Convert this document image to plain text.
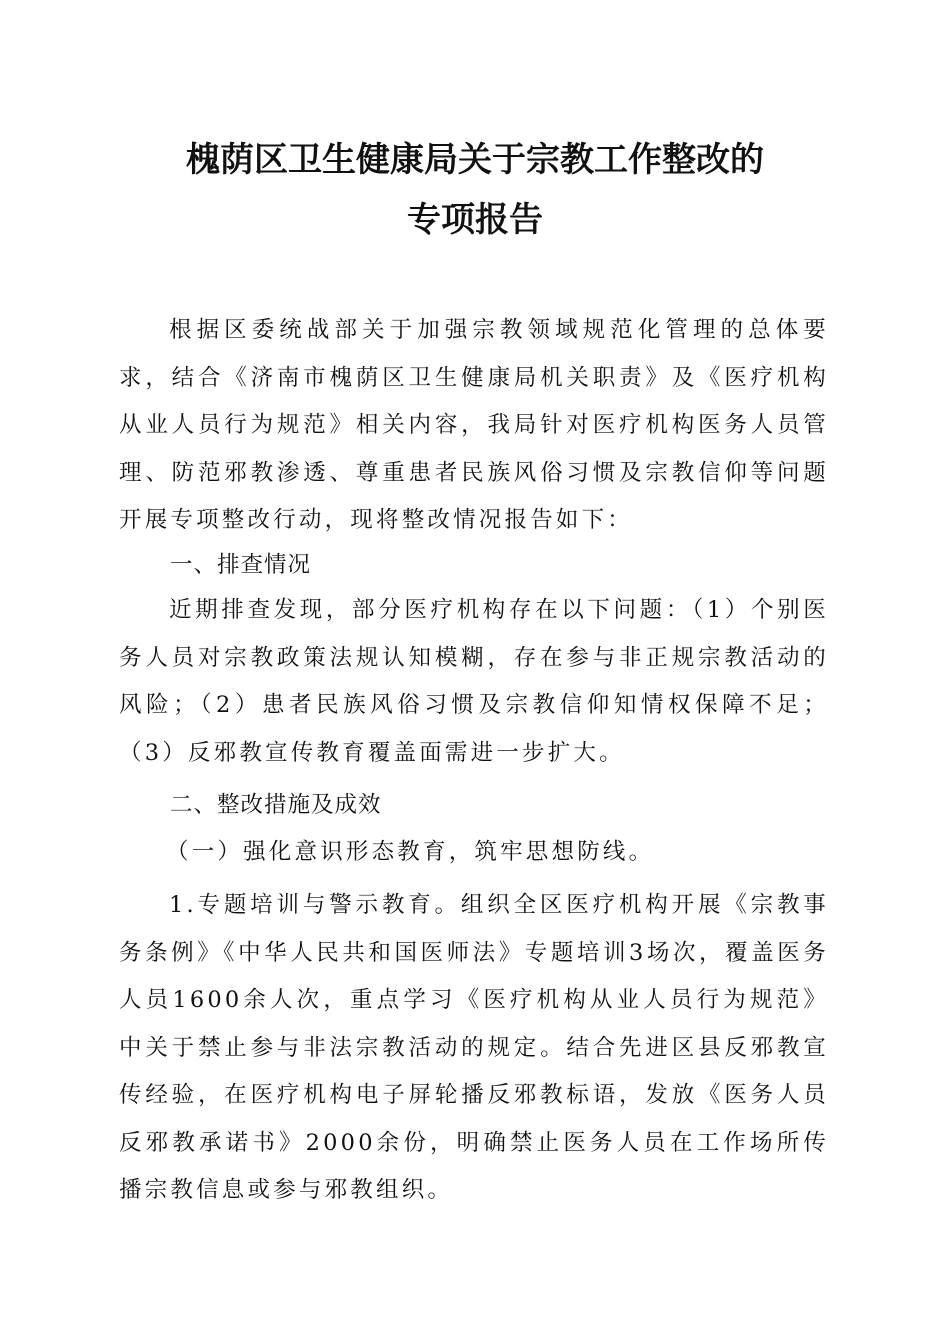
槐荫区卫生健康局关于宗教工作整改的
专项报告
根据区委统战部关于加强宗教领域规范化管理的总体要求，结合《济南市槐荫区卫生健康局机关职责》及《医疗机构从业人员行为规范》相关内容，我局针对医疗机构医务人员管理、防范邪教渗透、尊重患者民族风俗习惯及宗教信仰等问题开展专项整改行动，现将整改情况报告如下：
一、排查情况
近期排查发现，部分医疗机构存在以下问题：（1）个别医务人员对宗教政策法规认知模糊，存在参与非正规宗教活动的风险；（2）患者民族风俗习惯及宗教信仰知情权保障不足；（3）反邪教宣传教育覆盖面需进一步扩大。
二、整改措施及成效
（一）强化意识形态教育，筑牢思想防线。
1.专题培训与警示教育。组织全区医疗机构开展《宗教事务条例》《中华人民共和国医师法》专题培训3场次，覆盖医务人员1600余人次，重点学习《医疗机构从业人员行为规范》中关于禁止参与非法宗教活动的规定。结合先进区县反邪教宣传经验，在医疗机构电子屏轮播反邪教标语，发放《医务人员反邪教承诺书》2000余份，明确禁止医务人员在工作场所传播宗教信息或参与邪教组织。
